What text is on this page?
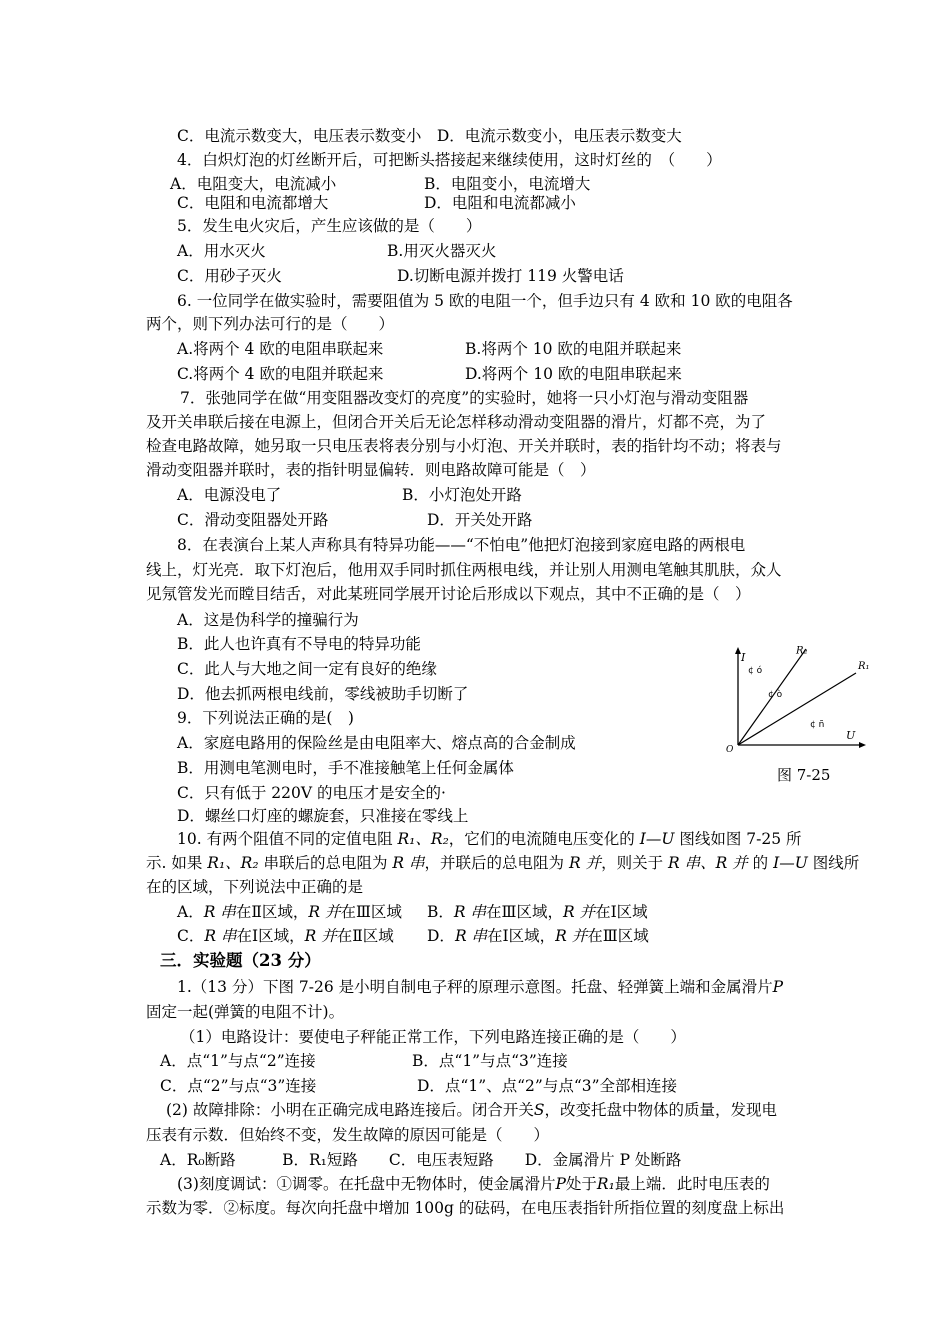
C．电流示数变大，电压表示数变小　D．电流示数变小，电压表示数变大
4．白炽灯泡的灯丝断开后，可把断头搭接起来继续使用，这时灯丝的　（　　）
A．电阻变大，电流减小	B．电阻变小，电流增大
C．电阻和电流都增大	D．电阻和电流都减小
5．发生电火灾后，产生应该做的是（　　）
A．用水灭火	B.用灭火器灭火
C．用砂子灭火	D.切断电源并拨打 119 火警电话
6. 一位同学在做实验时，需要阻值为 5 欧的电阻一个，但手边只有 4 欧和 10 欧的电阻各
两个，则下列办法可行的是（　　）
A.将两个 4 欧的电阻串联起来	B.将两个 10 欧的电阻并联起来
C.将两个 4 欧的电阻并联起来	D.将两个 10 欧的电阻串联起来
7．张弛同学在做“用变阻器改变灯的亮度”的实验时，她将一只小灯泡与滑动变阻器
及开关串联后接在电源上，但闭合开关后无论怎样移动滑动变阻器的滑片，灯都不亮，为了
检查电路故障，她另取一只电压表将表分别与小灯泡、开关并联时，表的指针均不动；将表与
滑动变阻器并联时，表的指针明显偏转．则电路故障可能是（　）
A．电源没电了	B．小灯泡处开路
C．滑动变阻器处开路	D．开关处开路
8．在表演台上某人声称具有特异功能——“不怕电”他把灯泡接到家庭电路的两根电
线上，灯光亮．取下灯泡后，他用双手同时抓住两根电线，并让别人用测电笔触其肌肤，众人
见氖管发光而瞠目结舌，对此某班同学展开讨论后形成以下观点，其中不正确的是（　）
A．这是伪科学的撞骗行为
B．此人也许真有不导电的特异功能
C．此人与大地之间一定有良好的绝缘
D．他去抓两根电线前，零线被助手切断了
9．下列说法正确的是(　)
A．家庭电路用的保险丝是由电阻率大、熔点高的合金制成
B．用测电笔测电时，手不准接触笔上任何金属体
C．只有低于 220V 的电压才是安全的·
D．螺丝口灯座的螺旋套，只准接在零线上
10. 有两个阻值不同的定值电阻 R₁、R₂，它们的电流随电压变化的 I—U 图线如图 7-25 所
示. 如果 R₁、R₂ 串联后的总电阻为 R 串，并联后的总电阻为 R 并，则关于 R 串、R 并 的 I—U 图线所
在的区域，下列说法中正确的是
A．R 串在Ⅱ区域，R 并在Ⅲ区域 B．R 串在Ⅲ区域，R 并在Ⅰ区域
C．R 串在Ⅰ区域，R 并在Ⅱ区域 D．R 串在Ⅰ区域，R 并在Ⅲ区域
三．实验题（23 分）
1.（13 分）下图 7-26 是小明自制电子秤的原理示意图。托盘、轻弹簧上端和金属滑片P
固定一起(弹簧的电阻不计)。
（1）电路设计：要使电子秤能正常工作，下列电路连接正确的是（　　）
A．点“1”与点“2”连接	B．点“1”与点“3”连接
C．点“2”与点“3”连接	D．点“1”、点“2”与点“3”全部相连接
(2) 故障排除：小明在正确完成电路连接后。闭合开关S，改变托盘中物体的质量，发现电
压表有示数．但始终不变，发生故障的原因可能是（　　）
A．R₀断路　　　B．R₁短路　　C．电压表短路　　D．金属滑片 P 处断路
(3)刻度调试：①调零。在托盘中无物体时，使金属滑片P处于R₁最上端．此时电压表的
示数为零．②标度。每次向托盘中增加 100g 的砝码，在电压表指针所指位置的刻度盘上标出
I
U
O
R₂
R₁
¢ ó
¢ ò
¢ ñ
图 7-25
